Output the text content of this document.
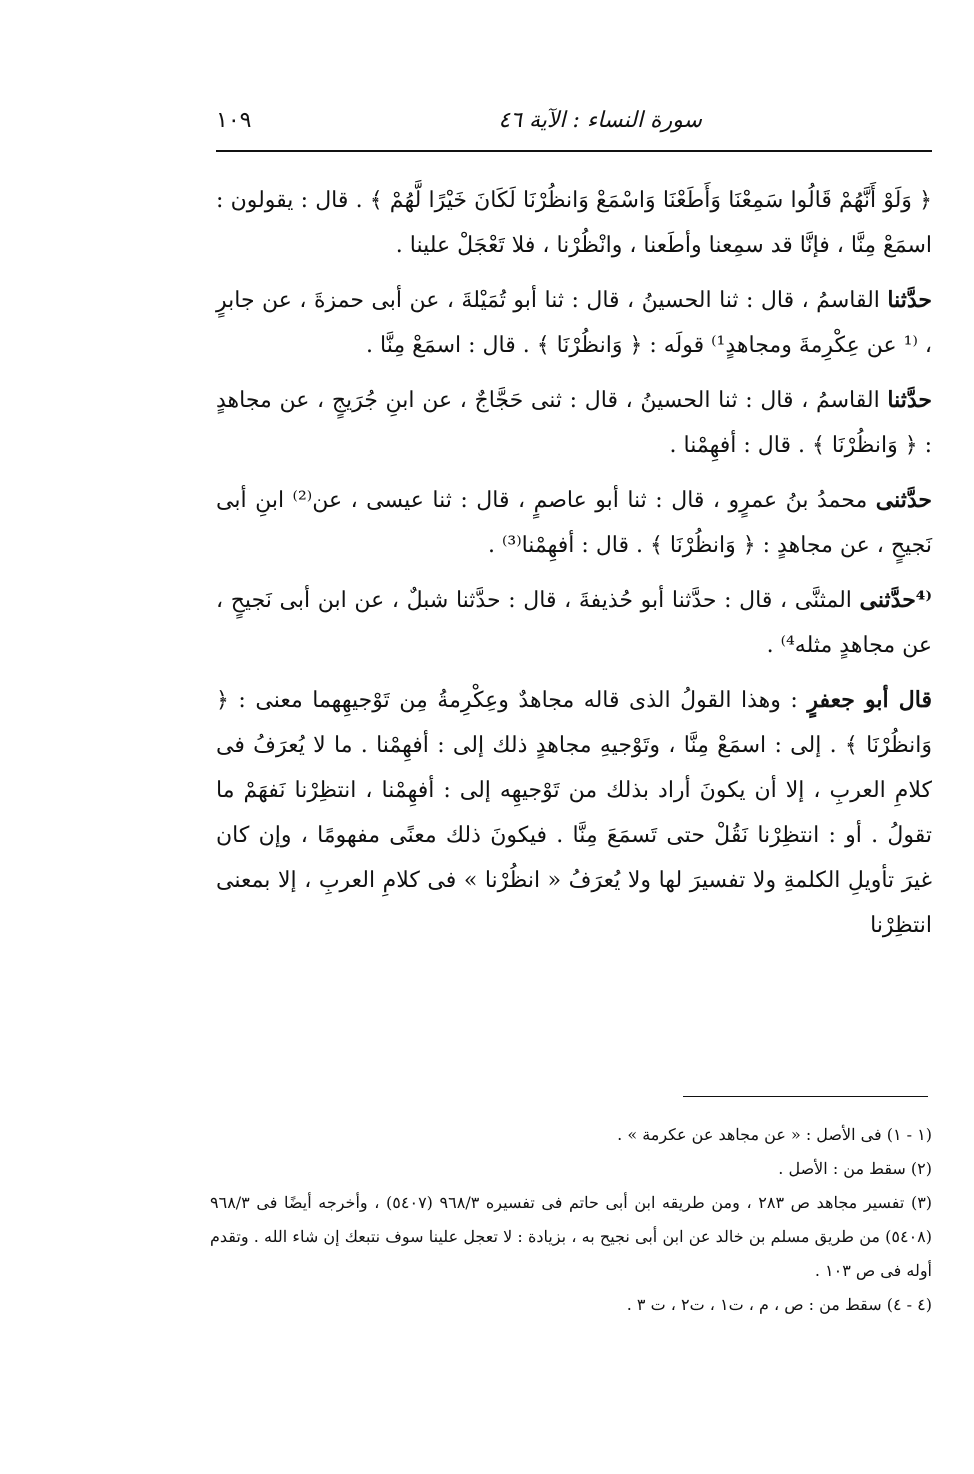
سورة النساء : الآية ٤٦
١٠٩

﴿ وَلَوْ أَنَّهُمْ قَالُوا سَمِعْنَا وَأَطَعْنَا وَاسْمَعْ وَانظُرْنَا لَكَانَ خَيْرًا لَّهُمْ ﴾ . قال : يقولون : اسمَعْ مِنَّا ، فإنَّا قد سمِعنا وأطَعنا ، وانْظُرْنا ، فلا تَعْجَلْ علينا .

حدَّثنا القاسمُ ، قال : ثنا الحسينُ ، قال : ثنا أبو تُمَيْلةَ ، عن أبى حمزةَ ، عن جابرٍ ، ⁽¹ عن عِكْرِمةَ ومجاهدٍ¹⁾ قولَه : ﴿ وَانظُرْنَا ﴾ . قال : اسمَعْ مِنَّا .

حدَّثنا القاسمُ ، قال : ثنا الحسينُ ، قال : ثنى حَجَّاجٌ ، عن ابنِ جُرَيجٍ ، عن مجاهدٍ : ﴿ وَانظُرْنَا ﴾ . قال : أفهِمْنا .

حدَّثنى محمدُ بنُ عمرٍو ، قال : ثنا أبو عاصمٍ ، قال : ثنا عيسى ، عن⁽²⁾ ابنِ أبى نَجيحٍ ، عن مجاهدٍ : ﴿ وَانظُرْنَا ﴾ . قال : أفهِمْنا⁽³⁾ .

⁽⁴حدَّثنى المثنَّى ، قال : حدَّثنا أبو حُذيفةَ ، قال : حدَّثنا شبلٌ ، عن ابن أبى نَجيحٍ ، عن مجاهدٍ مثله⁴⁾ .

قال أبو جعفرٍ : وهذا القولُ الذى قاله مجاهدٌ وعِكْرِمةُ مِن تَوْجيهِهما معنى : ﴿ وَانظُرْنَا ﴾ . إلى : اسمَعْ مِنَّا ، وتَوْجيهِ مجاهدٍ ذلك إلى : أفهِمْنا . ما لا يُعرَفُ فى كلامِ العربِ ، إلا أن يكونَ أراد بذلك من تَوْجيهِه إلى : أفهِمْنا ، انتظِرْنا نَفهَمْ ما تقولُ . أو : انتظِرْنا نَقُلْ حتى تَسمَعَ مِنَّا . فيكونَ ذلك معنًى مفهومًا ، وإن كان غيرَ تأويلِ الكلمةِ ولا تفسيرَ لها ولا يُعرَفُ « انظُرْنا » فى كلامِ العربِ ، إلا بمعنى انتظِرْنا

(١ - ١) فى الأصل : « عن مجاهد عن عكرمة » .

(٢) سقط من : الأصل .

(٣) تفسير مجاهد ص ٢٨٣ ، ومن طريقه ابن أبى حاتم فى تفسيره ٩٦٨/٣ (٥٤٠٧) ، وأخرجه أيضًا فى ٩٦٨/٣ (٥٤٠٨) من طريق مسلم بن خالد عن ابن أبى نجيح به ، بزيادة : لا تعجل علينا سوف نتبعك إن شاء الله . وتقدم أوله فى ص ١٠٣ .

(٤ - ٤) سقط من : ص ، م ، ت١ ، ت٢ ، ت ٣ .
